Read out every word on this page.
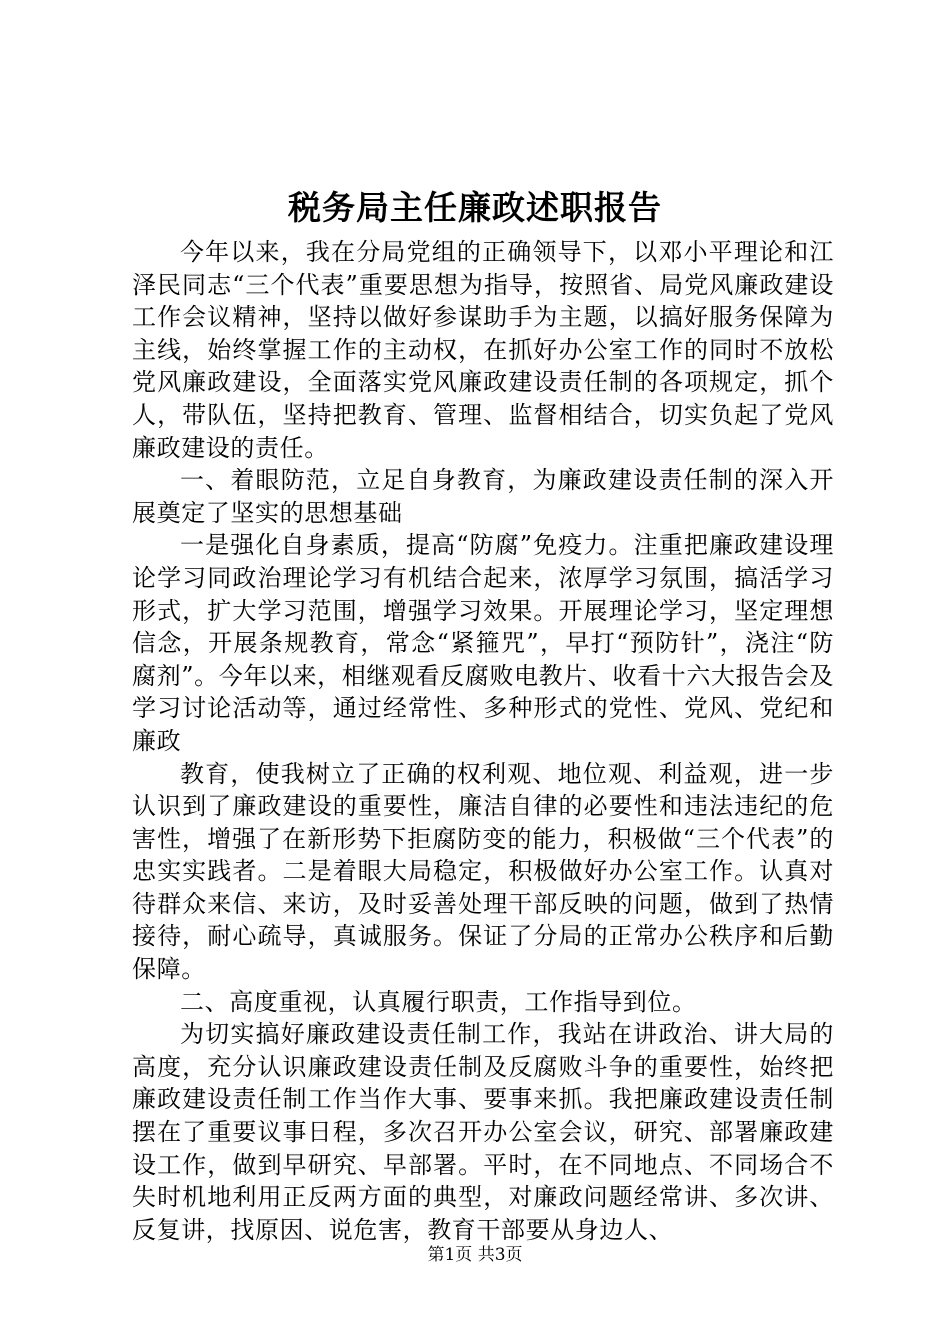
税务局主任廉政述职报告

今年以来，我在分局党组的正确领导下，以邓小平理论和江泽民同志“三个代表”重要思想为指导，按照省、局党风廉政建设工作会议精神，坚持以做好参谋助手为主题，以搞好服务保障为主线，始终掌握工作的主动权，在抓好办公室工作的同时不放松党风廉政建设，全面落实党风廉政建设责任制的各项规定，抓个人，带队伍，坚持把教育、管理、监督相结合，切实负起了党风廉政建设的责任。

一、着眼防范，立足自身教育，为廉政建设责任制的深入开展奠定了坚实的思想基础

一是强化自身素质，提高“防腐”免疫力。注重把廉政建设理论学习同政治理论学习有机结合起来，浓厚学习氛围，搞活学习形式，扩大学习范围，增强学习效果。开展理论学习，坚定理想信念，开展条规教育，常念“紧箍咒”，早打“预防针”，浇注“防腐剂”。今年以来，相继观看反腐败电教片、收看十六大报告会及学习讨论活动等，通过经常性、多种形式的党性、党风、党纪和廉政

教育，使我树立了正确的权利观、地位观、利益观，进一步认识到了廉政建设的重要性，廉洁自律的必要性和违法违纪的危害性，增强了在新形势下拒腐防变的能力，积极做“三个代表”的忠实实践者。二是着眼大局稳定，积极做好办公室工作。认真对待群众来信、来访，及时妥善处理干部反映的问题，做到了热情接待，耐心疏导，真诚服务。保证了分局的正常办公秩序和后勤保障。

二、高度重视，认真履行职责，工作指导到位。

为切实搞好廉政建设责任制工作，我站在讲政治、讲大局的高度，充分认识廉政建设责任制及反腐败斗争的重要性，始终把廉政建设责任制工作当作大事、要事来抓。我把廉政建设责任制摆在了重要议事日程，多次召开办公室会议，研究、部署廉政建设工作，做到早研究、早部署。平时，在不同地点、不同场合不失时机地利用正反两方面的典型，对廉政问题经常讲、多次讲、反复讲，找原因、说危害，教育干部要从身边人、

第1页 共3页
